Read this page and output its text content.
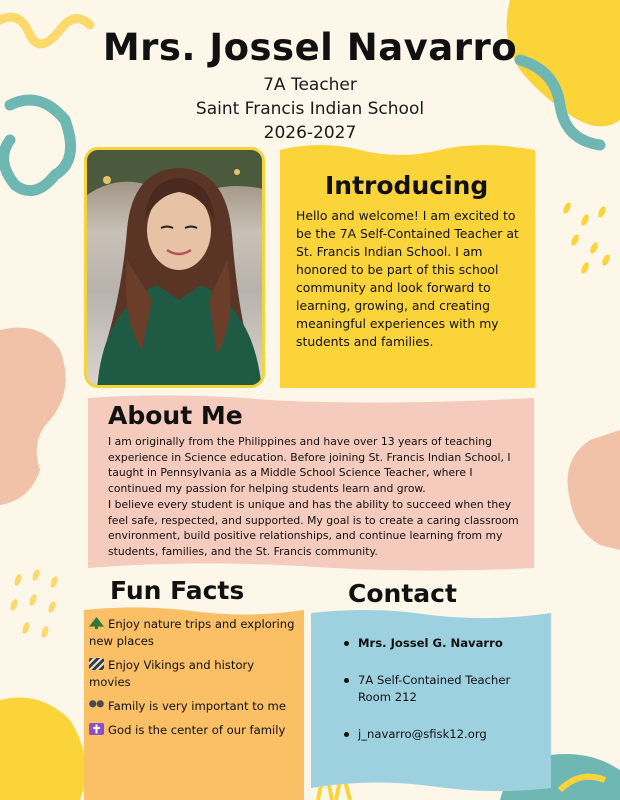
Mrs. Jossel Navarro
7A Teacher
Saint Francis Indian School
2026-2027
Introducing
Hello and welcome! I am excited to be the 7A Self-Contained Teacher at St. Francis Indian School. I am honored to be part of this school community and look forward to learning, growing, and creating meaningful experiences with my students and families.
About Me
I am originally from the Philippines and have over 13 years of teaching experience in Science education. Before joining St. Francis Indian School, I taught in Pennsylvania as a Middle School Science Teacher, where I continued my passion for helping students learn and grow.
I believe every student is unique and has the ability to succeed when they feel safe, respected, and supported. My goal is to create a caring classroom environment, build positive relationships, and continue learning from my students, families, and the St. Francis community.
Fun Facts
Enjoy nature trips and exploring new places
Enjoy Vikings and history movies
Family is very important to me
God is the center of our family
Contact
Mrs. Jossel G. Navarro
7A Self-Contained Teacher
Room 212
j_navarro@sfisk12.org
